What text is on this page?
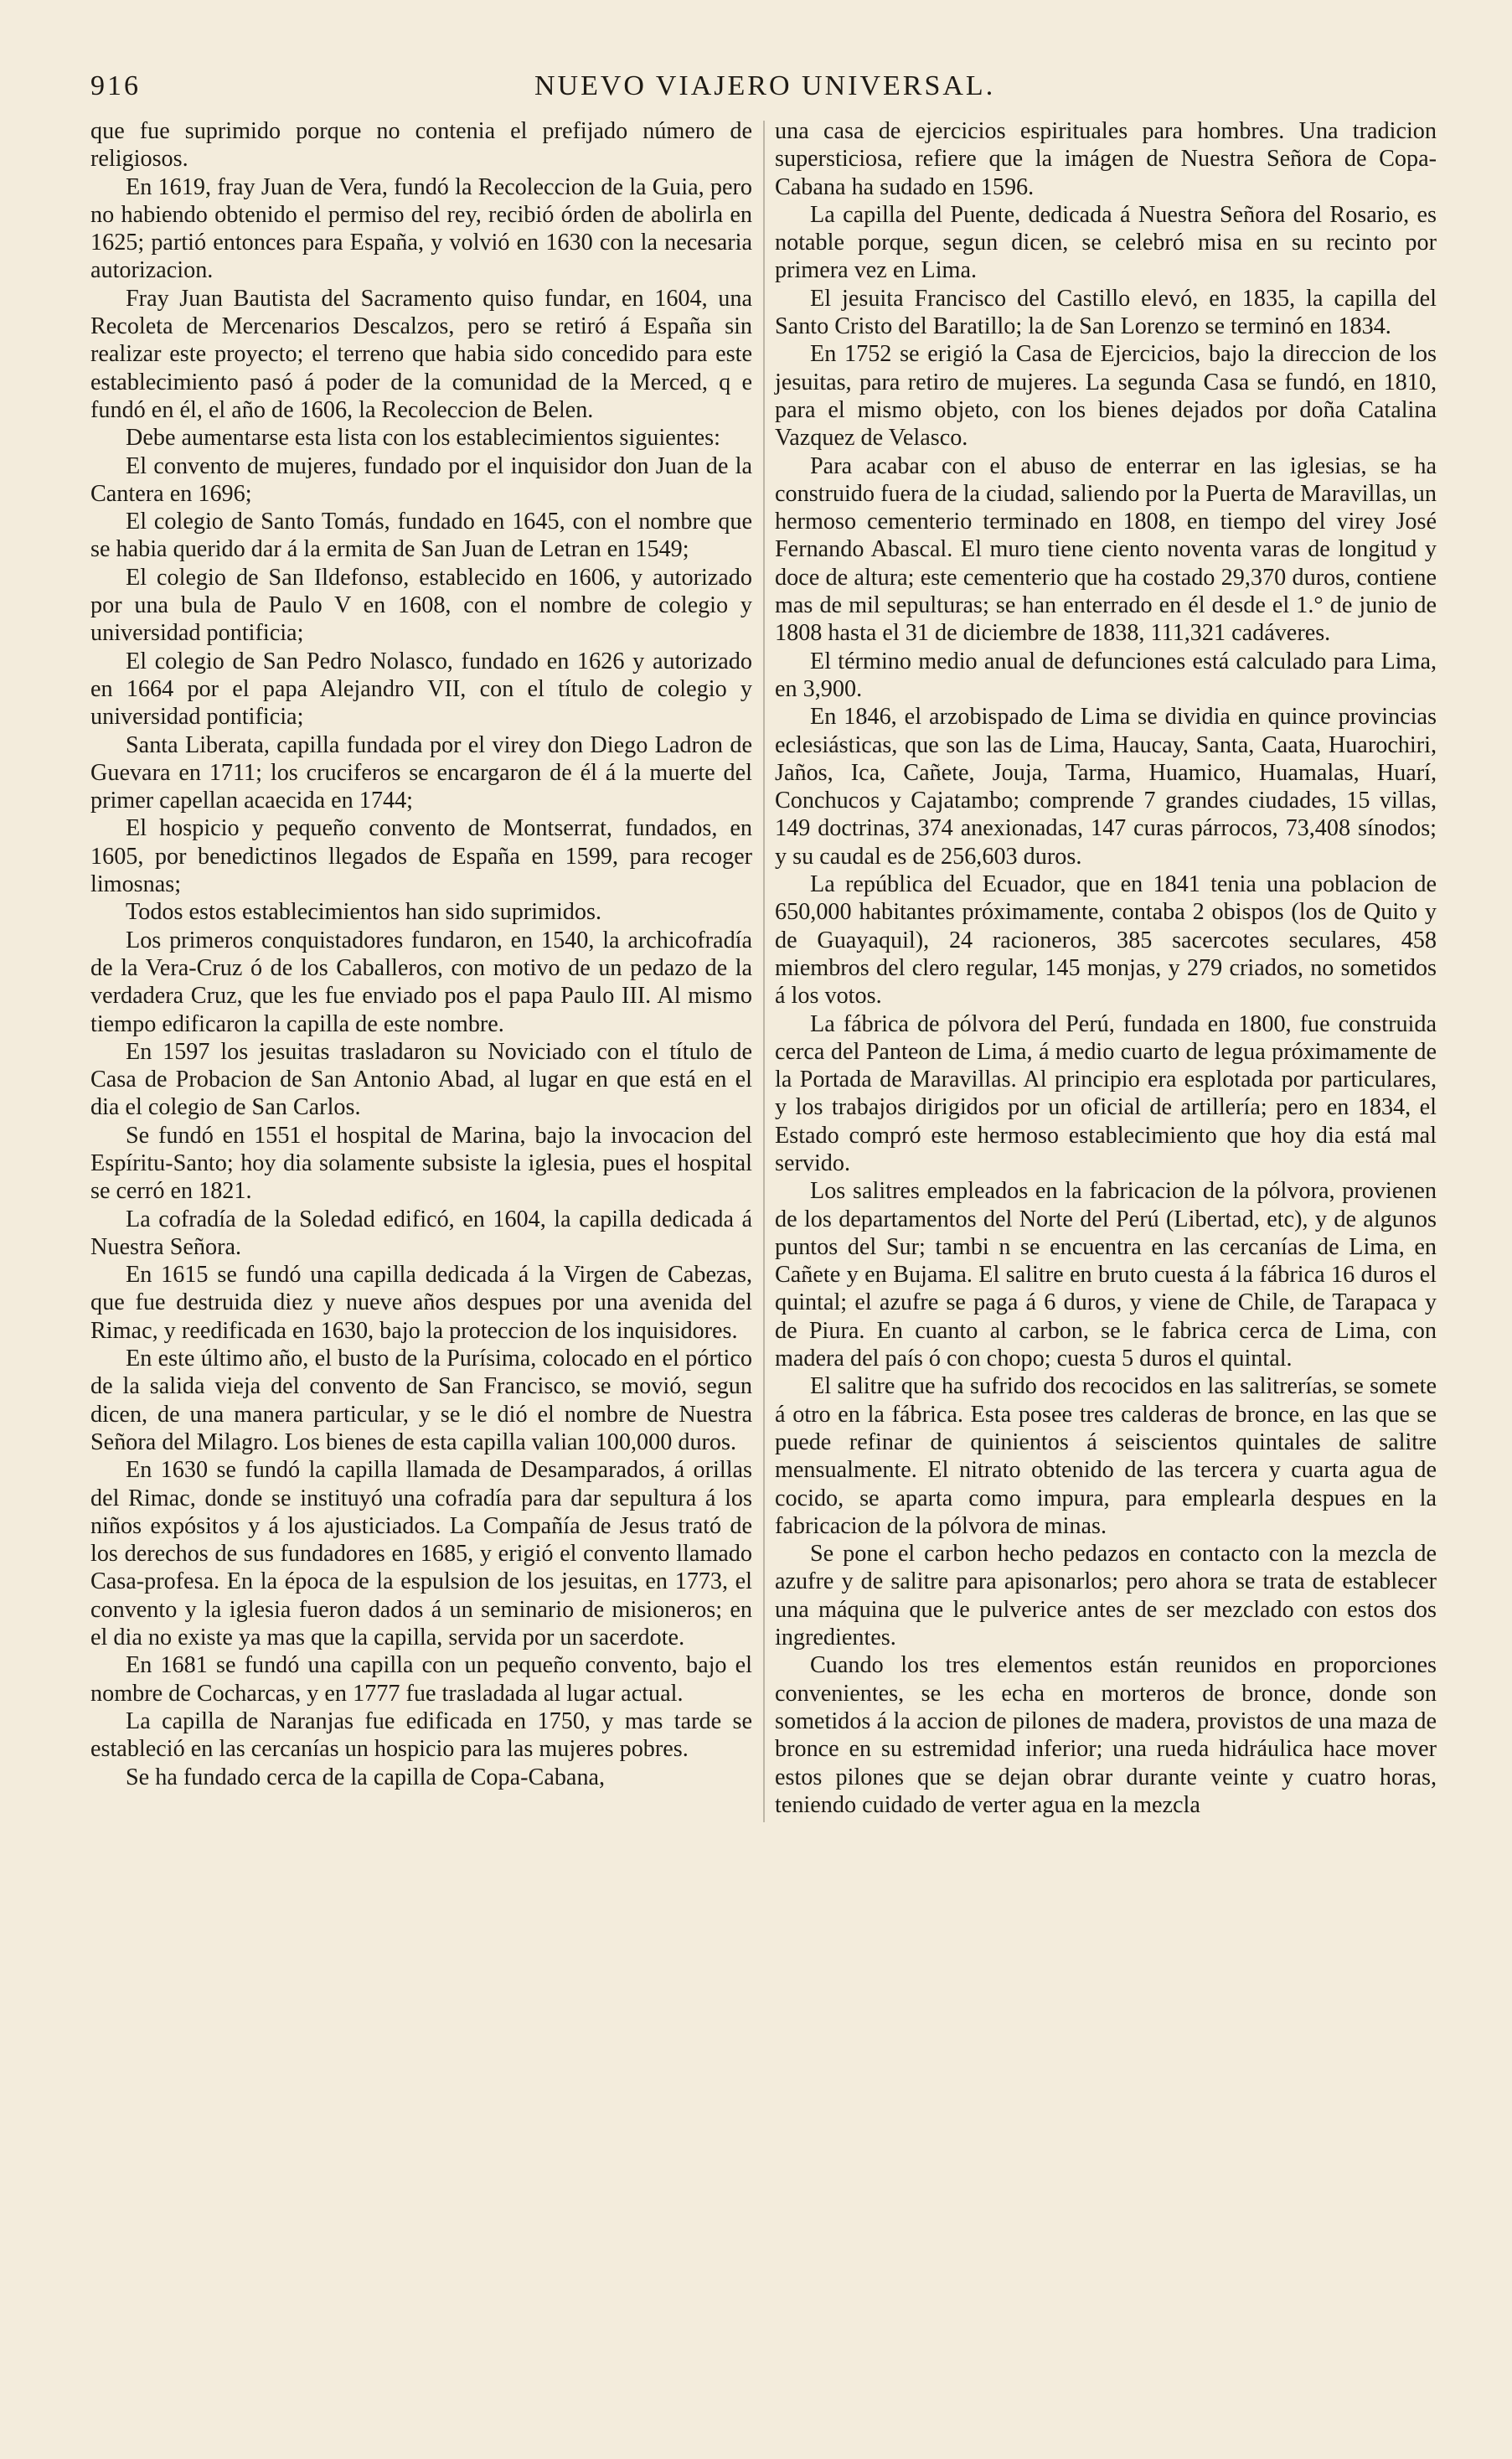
916	NUEVO VIAJERO UNIVERSAL.

que fue suprimido porque no contenia el prefijado número de religiosos.

En 1619, fray Juan de Vera, fundó la Recoleccion de la Guia, pero no habiendo obtenido el permiso del rey, recibió órden de abolirla en 1625; partió entonces para España, y volvió en 1630 con la necesaria autorizacion.

Fray Juan Bautista del Sacramento quiso fundar, en 1604, una Recoleta de Mercenarios Descalzos, pero se retiró á España sin realizar este proyecto; el terreno que habia sido concedido para este establecimiento pasó á poder de la comunidad de la Merced, q e fundó en él, el año de 1606, la Recoleccion de Belen.

Debe aumentarse esta lista con los establecimientos siguientes:

El convento de mujeres, fundado por el inquisidor don Juan de la Cantera en 1696;

El colegio de Santo Tomás, fundado en 1645, con el nombre que se habia querido dar á la ermita de San Juan de Letran en 1549;

El colegio de San Ildefonso, establecido en 1606, y autorizado por una bula de Paulo V en 1608, con el nombre de colegio y universidad pontificia;

El colegio de San Pedro Nolasco, fundado en 1626 y autorizado en 1664 por el papa Alejandro VII, con el título de colegio y universidad pontificia;

Santa Liberata, capilla fundada por el virey don Diego Ladron de Guevara en 1711; los cruciferos se encargaron de él á la muerte del primer capellan acaecida en 1744;

El hospicio y pequeño convento de Montserrat, fundados, en 1605, por benedictinos llegados de España en 1599, para recoger limosnas;

Todos estos establecimientos han sido suprimidos.

Los primeros conquistadores fundaron, en 1540, la archicofradía de la Vera-Cruz ó de los Caballeros, con motivo de un pedazo de la verdadera Cruz, que les fue enviado pos el papa Paulo III. Al mismo tiempo edificaron la capilla de este nombre.

En 1597 los jesuitas trasladaron su Noviciado con el título de Casa de Probacion de San Antonio Abad, al lugar en que está en el dia el colegio de San Carlos.

Se fundó en 1551 el hospital de Marina, bajo la invocacion del Espíritu-Santo; hoy dia solamente subsiste la iglesia, pues el hospital se cerró en 1821.

La cofradía de la Soledad edificó, en 1604, la capilla dedicada á Nuestra Señora.

En 1615 se fundó una capilla dedicada á la Virgen de Cabezas, que fue destruida diez y nueve años despues por una avenida del Rimac, y reedificada en 1630, bajo la proteccion de los inquisidores.

En este último año, el busto de la Purísima, colocado en el pórtico de la salida vieja del convento de San Francisco, se movió, segun dicen, de una manera particular, y se le dió el nombre de Nuestra Señora del Milagro. Los bienes de esta capilla valian 100,000 duros.

En 1630 se fundó la capilla llamada de Desamparados, á orillas del Rimac, donde se instituyó una cofradía para dar sepultura á los niños expósitos y á los ajusticiados. La Compañía de Jesus trató de los derechos de sus fundadores en 1685, y erigió el convento llamado Casa-profesa. En la época de la espulsion de los jesuitas, en 1773, el convento y la iglesia fueron dados á un seminario de misioneros; en el dia no existe ya mas que la capilla, servida por un sacerdote.

En 1681 se fundó una capilla con un pequeño convento, bajo el nombre de Cocharcas, y en 1777 fue trasladada al lugar actual.

La capilla de Naranjas fue edificada en 1750, y mas tarde se estableció en las cercanías un hospicio para las mujeres pobres.

Se ha fundado cerca de la capilla de Copa-Cabana,

una casa de ejercicios espirituales para hombres. Una tradicion supersticiosa, refiere que la imágen de Nuestra Señora de Copa-Cabana ha sudado en 1596.

La capilla del Puente, dedicada á Nuestra Señora del Rosario, es notable porque, segun dicen, se celebró misa en su recinto por primera vez en Lima.

El jesuita Francisco del Castillo elevó, en 1835, la capilla del Santo Cristo del Baratillo; la de San Lorenzo se terminó en 1834.

En 1752 se erigió la Casa de Ejercicios, bajo la direccion de los jesuitas, para retiro de mujeres. La segunda Casa se fundó, en 1810, para el mismo objeto, con los bienes dejados por doña Catalina Vazquez de Velasco.

Para acabar con el abuso de enterrar en las iglesias, se ha construido fuera de la ciudad, saliendo por la Puerta de Maravillas, un hermoso cementerio terminado en 1808, en tiempo del virey José Fernando Abascal. El muro tiene ciento noventa varas de longitud y doce de altura; este cementerio que ha costado 29,370 duros, contiene mas de mil sepulturas; se han enterrado en él desde el 1.° de junio de 1808 hasta el 31 de diciembre de 1838, 111,321 cadáveres.

El término medio anual de defunciones está calculado para Lima, en 3,900.

En 1846, el arzobispado de Lima se dividia en quince provincias eclesiásticas, que son las de Lima, Haucay, Santa, Caata, Huarochiri, Jaños, Ica, Cañete, Jouja, Tarma, Huamico, Huamalas, Huarí, Conchucos y Cajatambo; comprende 7 grandes ciudades, 15 villas, 149 doctrinas, 374 anexionadas, 147 curas párrocos, 73,408 sínodos; y su caudal es de 256,603 duros.

La república del Ecuador, que en 1841 tenia una poblacion de 650,000 habitantes próximamente, contaba 2 obispos (los de Quito y de Guayaquil), 24 racioneros, 385 sacercotes seculares, 458 miembros del clero regular, 145 monjas, y 279 criados, no sometidos á los votos.

La fábrica de pólvora del Perú, fundada en 1800, fue construida cerca del Panteon de Lima, á medio cuarto de legua próximamente de la Portada de Maravillas. Al principio era esplotada por particulares, y los trabajos dirigidos por un oficial de artillería; pero en 1834, el Estado compró este hermoso establecimiento que hoy dia está mal servido.

Los salitres empleados en la fabricacion de la pólvora, provienen de los departamentos del Norte del Perú (Libertad, etc), y de algunos puntos del Sur; tambi n se encuentra en las cercanías de Lima, en Cañete y en Bujama. El salitre en bruto cuesta á la fábrica 16 duros el quintal; el azufre se paga á 6 duros, y viene de Chile, de Tarapaca y de Piura. En cuanto al carbon, se le fabrica cerca de Lima, con madera del país ó con chopo; cuesta 5 duros el quintal.

El salitre que ha sufrido dos recocidos en las salitrerías, se somete á otro en la fábrica. Esta posee tres calderas de bronce, en las que se puede refinar de quinientos á seiscientos quintales de salitre mensualmente. El nitrato obtenido de las tercera y cuarta agua de cocido, se aparta como impura, para emplearla despues en la fabricacion de la pólvora de minas.

Se pone el carbon hecho pedazos en contacto con la mezcla de azufre y de salitre para apisonarlos; pero ahora se trata de establecer una máquina que le pulverice antes de ser mezclado con estos dos ingredientes.

Cuando los tres elementos están reunidos en proporciones convenientes, se les echa en morteros de bronce, donde son sometidos á la accion de pilones de madera, provistos de una maza de bronce en su estremidad inferior; una rueda hidráulica hace mover estos pilones que se dejan obrar durante veinte y cuatro horas, teniendo cuidado de verter agua en la mezcla
